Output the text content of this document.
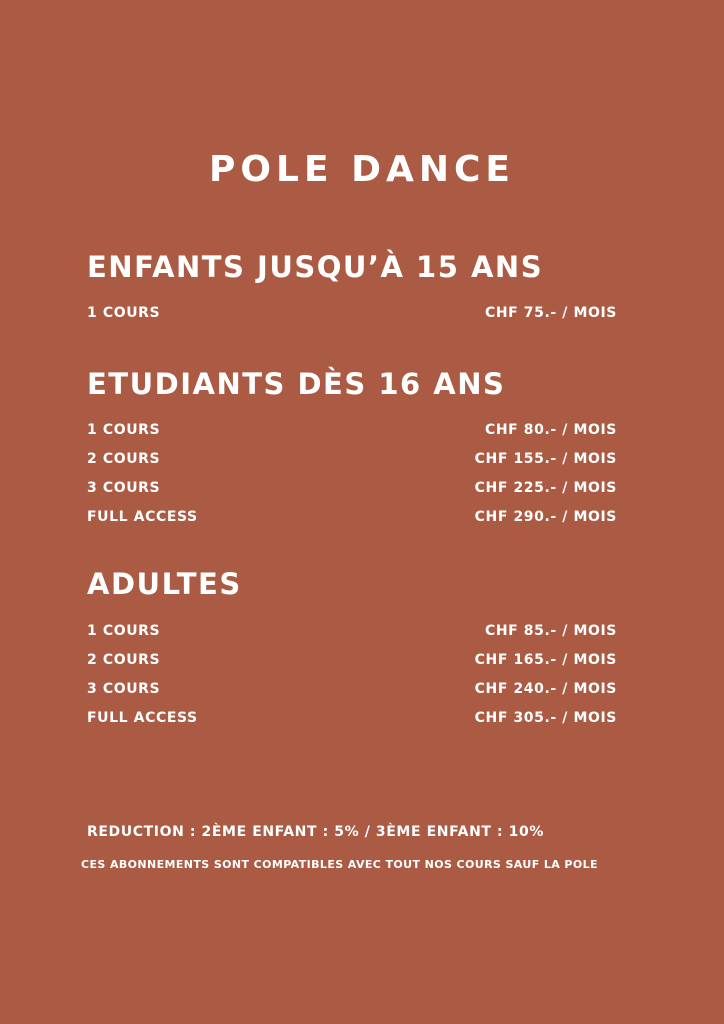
POLE DANCE
ENFANTS JUSQU’À 15 ANS
1 COURS	CHF 75.- / MOIS
ETUDIANTS DÈS 16 ANS
1 COURS	CHF 80.- / MOIS
2 COURS	CHF 155.- / MOIS
3 COURS	CHF 225.- / MOIS
FULL ACCESS	CHF 290.- / MOIS
ADULTES
1 COURS	CHF 85.- / MOIS
2 COURS	CHF 165.- / MOIS
3 COURS	CHF 240.- / MOIS
FULL ACCESS	CHF 305.- / MOIS
REDUCTION : 2ÈME ENFANT : 5% / 3ÈME ENFANT : 10%
CES ABONNEMENTS SONT COMPATIBLES AVEC TOUT NOS COURS SAUF LA POLE
